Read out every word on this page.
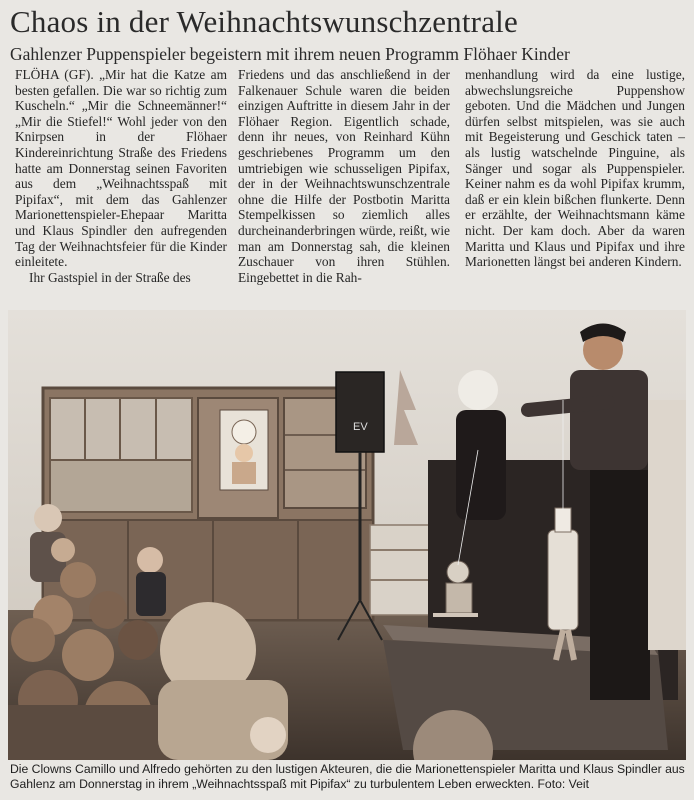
Chaos in der Weihnachtswunschzentrale
Gahlenzer Puppenspieler begeistern mit ihrem neuen Programm Flöhaer Kinder

FLÖHA (GF). „Mir hat die Katze am besten gefallen. Die war so richtig zum Kuscheln.“ „Mir die Schneemänner!“ „Mir die Stiefel!“ Wohl jeder von den Knirpsen in der Flöhaer Kindereinrichtung Straße des Friedens hatte am Donnerstag seinen Favoriten aus dem „Weihnachtsspaß mit Pipifax“, mit dem das Gahlenzer Marionettenspieler-Ehepaar Maritta und Klaus Spindler den aufregenden Tag der Weihnachtsfeier für die Kinder einleitete.

Ihr Gastspiel in der Straße des

Friedens und das anschließend in der Falkenauer Schule waren die beiden einzigen Auftritte in diesem Jahr in der Flöhaer Region. Eigentlich schade, denn ihr neues, von Reinhard Kühn geschriebenes Programm um den umtriebigen wie schusseligen Pipifax, der in der Weihnachtswunschzentrale ohne die Hilfe der Postbotin Maritta Stempelkissen so ziemlich alles durcheinanderbringen würde, reißt, wie man am Donnerstag sah, die kleinen Zuschauer von ihren Stühlen. Eingebettet in die Rah-

menhandlung wird da eine lustige, abwechslungsreiche Puppenshow geboten. Und die Mädchen und Jungen dürfen selbst mitspielen, was sie auch mit Begeisterung und Geschick taten – als lustig watschelnde Pinguine, als Sänger und sogar als Puppenspieler. Keiner nahm es da wohl Pipifax krumm, daß er ein klein bißchen flunkerte. Denn er erzählte, der Weihnachtsmann käme nicht. Der kam doch. Aber da waren Maritta und Klaus und Pipifax und ihre Marionetten längst bei anderen Kindern.

EV
Die Clowns Camillo und Alfredo gehörten zu den lustigen Akteuren, die die Marionettenspieler Maritta und Klaus Spindler aus Gahlenz am Donnerstag in ihrem „Weihnachtsspaß mit Pipifax“ zu turbulentem Leben erweckten. Foto: Veit
